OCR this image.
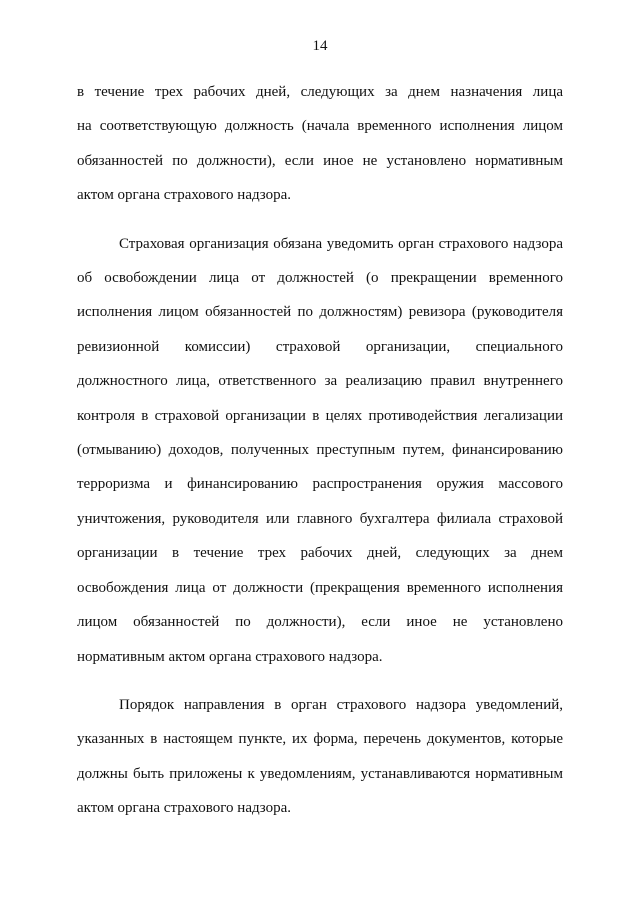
14
в течение трех рабочих дней, следующих за днем назначения лица
на соответствующую должность (начала временного исполнения лицом
обязанностей по должности), если иное не установлено нормативным
актом органа страхового надзора.
Страховая организация обязана уведомить орган страхового надзора
об освобождении лица от должностей (о прекращении временного
исполнения лицом обязанностей по должностям) ревизора (руководителя
ревизионной комиссии) страховой организации, специального
должностного лица, ответственного за реализацию правил внутреннего
контроля в страховой организации в целях противодействия легализации
(отмыванию) доходов, полученных преступным путем, финансированию
терроризма и финансированию распространения оружия массового
уничтожения, руководителя или главного бухгалтера филиала страховой
организации в течение трех рабочих дней, следующих за днем
освобождения лица от должности (прекращения временного исполнения
лицом обязанностей по должности), если иное не установлено
нормативным актом органа страхового надзора.
Порядок направления в орган страхового надзора уведомлений,
указанных в настоящем пункте, их форма, перечень документов, которые
должны быть приложены к уведомлениям, устанавливаются нормативным
актом органа страхового надзора.
